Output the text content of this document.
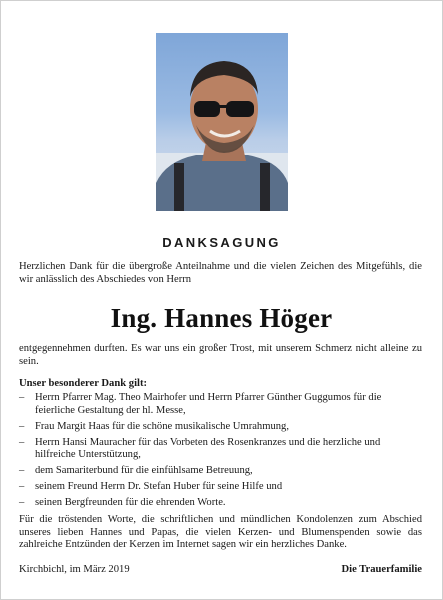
DANKSAGUNG
Herzlichen Dank für die übergroße Anteilnahme und die vielen Zeichen des Mitgefühls, die wir anlässlich des Abschiedes von Herrn
Ing. Hannes Höger
entgegennehmen durften. Es war uns ein großer Trost, mit unserem Schmerz nicht alleine zu sein.
Unser besonderer Dank gilt:
– Herrn Pfarrer Mag. Theo Mairhofer und Herrn Pfarrer Günther Guggumos für die feierliche Gestaltung der hl. Messe,
– Frau Margit Haas für die schöne musikalische Umrahmung,
– Herrn Hansi Mauracher für das Vorbeten des Rosenkranzes und die herzliche und hilfreiche Unterstützung,
– dem Samariterbund für die einfühlsame Betreuung,
– seinem Freund Herrn Dr. Stefan Huber für seine Hilfe und
– seinen Bergfreunden für die ehrenden Worte.
Für die tröstenden Worte, die schriftlichen und mündlichen Kondolenzen zum Abschied unseres lieben Hannes und Papas, die vielen Kerzen- und Blumenspenden sowie das zahlreiche Entzünden der Kerzen im Internet sagen wir ein herzliches Danke.
Kirchbichl, im März 2019	Die Trauerfamilie
